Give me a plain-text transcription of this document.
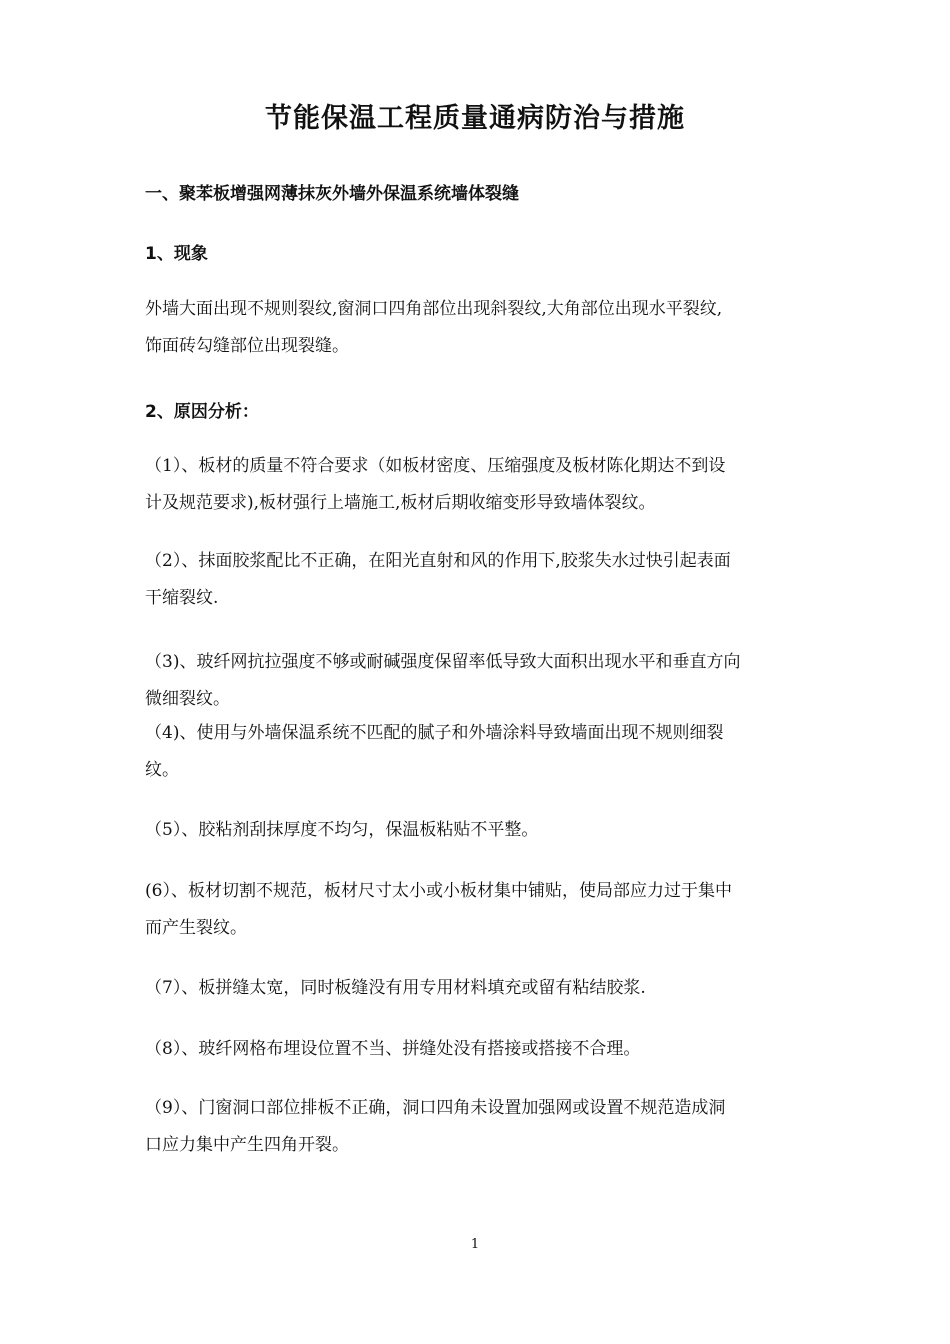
节能保温工程质量通病防治与措施
一、聚苯板增强网薄抹灰外墙外保温系统墙体裂缝
1、现象
外墙大面出现不规则裂纹,窗洞口四角部位出现斜裂纹,大角部位出现水平裂纹,
饰面砖勾缝部位出现裂缝。
2、原因分析：
（1）、板材的质量不符合要求（如板材密度、压缩强度及板材陈化期达不到设
计及规范要求),板材强行上墙施工,板材后期收缩变形导致墙体裂纹。
（2）、抹面胶浆配比不正确，在阳光直射和风的作用下,胶浆失水过快引起表面
干缩裂纹.
（3)、玻纤网抗拉强度不够或耐碱强度保留率低导致大面积出现水平和垂直方向
微细裂纹。
（4)、使用与外墙保温系统不匹配的腻子和外墙涂料导致墙面出现不规则细裂
纹。
（5）、胶粘剂刮抹厚度不均匀，保温板粘贴不平整。
(6）、板材切割不规范，板材尺寸太小或小板材集中铺贴，使局部应力过于集中
而产生裂纹。
（7）、板拼缝太宽，同时板缝没有用专用材料填充或留有粘结胶浆.
（8）、玻纤网格布埋设位置不当、拼缝处没有搭接或搭接不合理。
（9）、门窗洞口部位排板不正确，洞口四角未设置加强网或设置不规范造成洞
口应力集中产生四角开裂。
1
